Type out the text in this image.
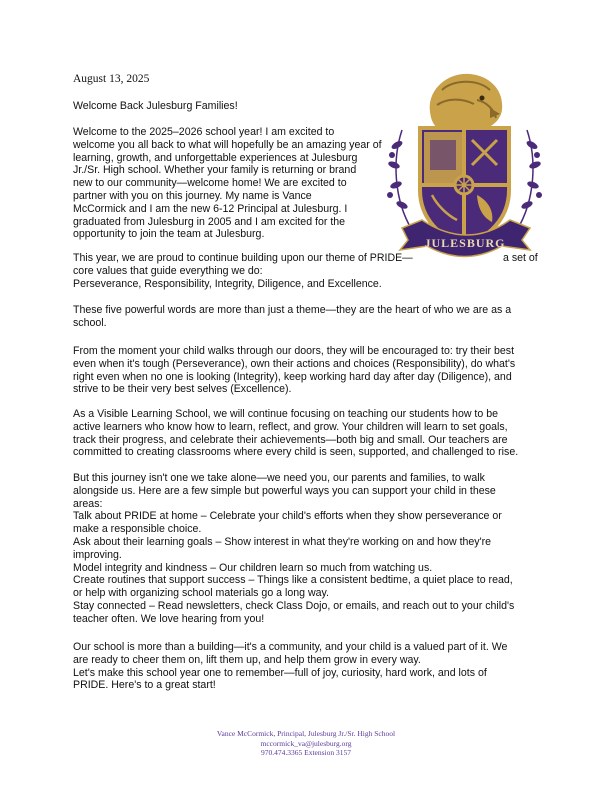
August 13, 2025
Welcome Back Julesburg Families!
Welcome to the 2025–2026 school year! I am excited to
welcome you all back to what will hopefully be an amazing year of
learning, growth, and unforgettable experiences at Julesburg
Jr./Sr. High school. Whether your family is returning or brand
new to our community—welcome home! We are excited to
partner with you on this journey. My name is Vance
McCormick and I am the new 6-12 Principal at Julesburg. I
graduated from Julesburg in 2005 and I am excited for the
opportunity to join the team at Julesburg.
This year, we are proud to continue building upon our theme of PRIDE—	a set of
core values that guide everything we do:
Perseverance, Responsibility, Integrity, Diligence, and Excellence.
These five powerful words are more than just a theme—they are the heart of who we are as a
school.
From the moment your child walks through our doors, they will be encouraged to: try their best
even when it's tough (Perseverance), own their actions and choices (Responsibility), do what's
right even when no one is looking (Integrity), keep working hard day after day (Diligence), and
strive to be their very best selves (Excellence).
As a Visible Learning School, we will continue focusing on teaching our students how to be
active learners who know how to learn, reflect, and grow. Your children will learn to set goals,
track their progress, and celebrate their achievements—both big and small. Our teachers are
committed to creating classrooms where every child is seen, supported, and challenged to rise.
But this journey isn't one we take alone—we need you, our parents and families, to walk
alongside us. Here are a few simple but powerful ways you can support your child in these
areas:
Talk about PRIDE at home – Celebrate your child's efforts when they show perseverance or
make a responsible choice.
Ask about their learning goals – Show interest in what they're working on and how they're
improving.
Model integrity and kindness – Our children learn so much from watching us.
Create routines that support success – Things like a consistent bedtime, a quiet place to read,
or help with organizing school materials go a long way.
Stay connected – Read newsletters, check Class Dojo, or emails, and reach out to your child's
teacher often. We love hearing from you!
Our school is more than a building—it's a community, and your child is a valued part of it. We
are ready to cheer them on, lift them up, and help them grow in every way.
Let's make this school year one to remember—full of joy, curiosity, hard work, and lots of
PRIDE. Here's to a great start!
JULESBURG
Vance McCormick, Principal, Julesburg Jr./Sr. High School
mccormick_va@julesburg.org
970.474.3365 Extension 3157
